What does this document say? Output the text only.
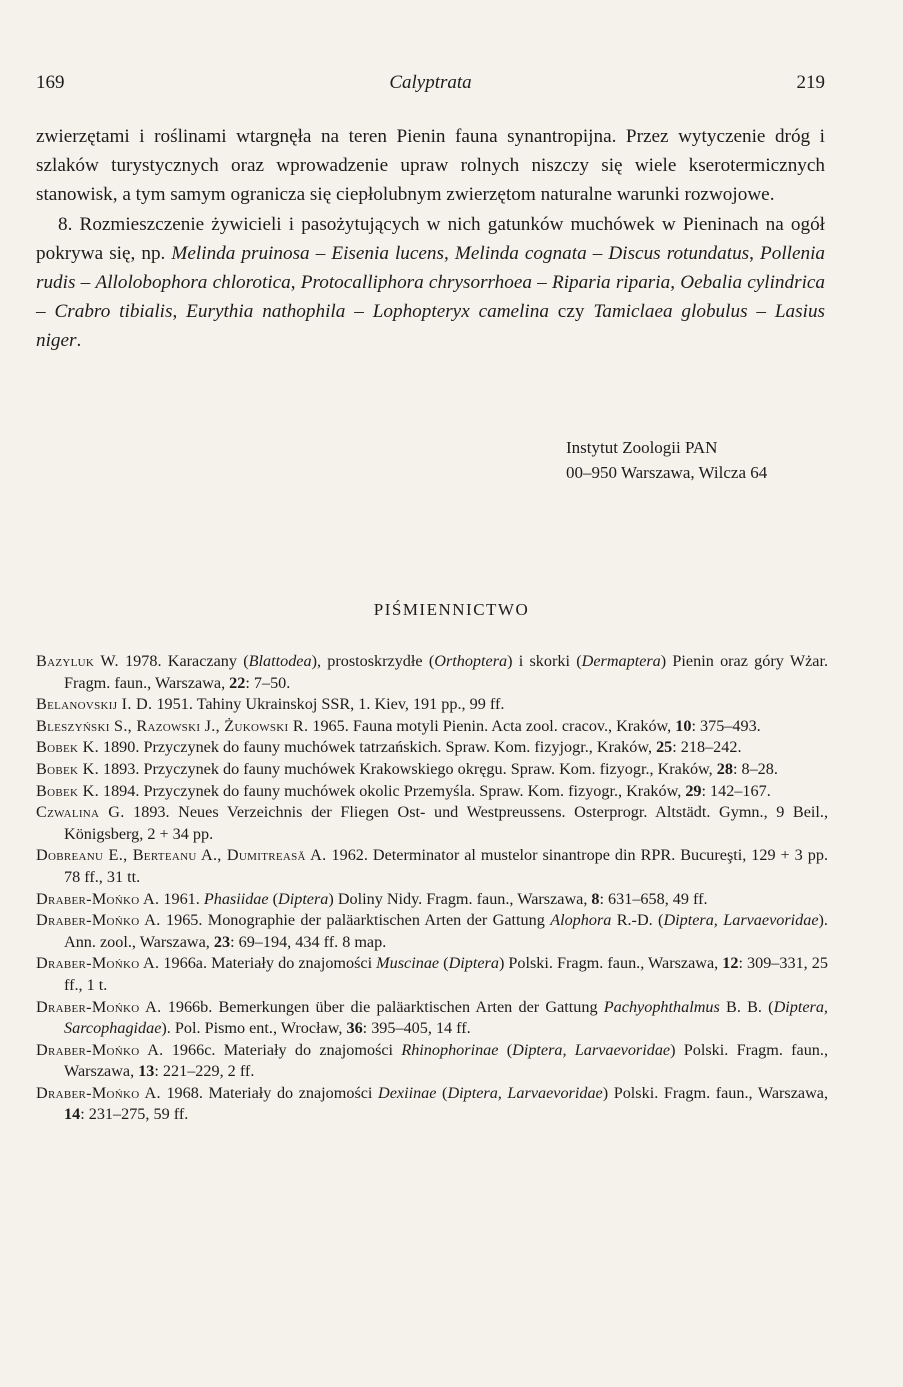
169	Calyptrata	219

zwierzętami i roślinami wtargnęła na teren Pienin fauna synantropijna. Przez wytyczenie dróg i szlaków turystycznych oraz wprowadzenie upraw rolnych niszczy się wiele kserotermicznych stanowisk, a tym samym ogranicza się ciepłolubnym zwierzętom naturalne warunki rozwojowe.

8. Rozmieszczenie żywicieli i pasożytujących w nich gatunków muchówek w Pieninach na ogół pokrywa się, np. Melinda pruinosa – Eisenia lucens, Melinda cognata – Discus rotundatus, Pollenia rudis – Allolobophora chlorotica, Protocalliphora chrysorrhoea – Riparia riparia, Oebalia cylindrica – Crabro tibialis, Eurythia nathophila – Lophopteryx camelina czy Tamiclaea globulus – Lasius niger.

Instytut Zoologii PAN
00–950 Warszawa, Wilcza 64
PIŚMIENNICTWO

Bazyluk W. 1978. Karaczany (Blattodea), prostoskrzydłe (Orthoptera) i skorki (Dermaptera) Pienin oraz góry Wżar. Fragm. faun., Warszawa, 22: 7–50.

Belanovskij I. D. 1951. Tahiny Ukrainskoj SSR, 1. Kiev, 191 pp., 99 ff.

Bleszyński S., Razowski J., Żukowski R. 1965. Fauna motyli Pienin. Acta zool. cracov., Kraków, 10: 375–493.

Bobek K. 1890. Przyczynek do fauny muchówek tatrzańskich. Spraw. Kom. fizyjogr., Kraków, 25: 218–242.

Bobek K. 1893. Przyczynek do fauny muchówek Krakowskiego okręgu. Spraw. Kom. fizyogr., Kraków, 28: 8–28.

Bobek K. 1894. Przyczynek do fauny muchówek okolic Przemyśla. Spraw. Kom. fizyogr., Kraków, 29: 142–167.

Czwalina G. 1893. Neues Verzeichnis der Fliegen Ost- und Westpreussens. Osterprogr. Altstädt. Gymn., 9 Beil., Königsberg, 2 + 34 pp.

Dobreanu E., Berteanu A., Dumitreasă A. 1962. Determinator al mustelor sinantrope din RPR. Bucureşti, 129 + 3 pp. 78 ff., 31 tt.

Draber-Mońko A. 1961. Phasiidae (Diptera) Doliny Nidy. Fragm. faun., Warszawa, 8: 631–658, 49 ff.

Draber-Mońko A. 1965. Monographie der paläarktischen Arten der Gattung Alophora R.-D. (Diptera, Larvaevoridae). Ann. zool., Warszawa, 23: 69–194, 434 ff. 8 map.

Draber-Mońko A. 1966a. Materiały do znajomości Muscinae (Diptera) Polski. Fragm. faun., Warszawa, 12: 309–331, 25 ff., 1 t.

Draber-Mońko A. 1966b. Bemerkungen über die paläarktischen Arten der Gattung Pachyophthalmus B. B. (Diptera, Sarcophagidae). Pol. Pismo ent., Wrocław, 36: 395–405, 14 ff.

Draber-Mońko A. 1966c. Materiały do znajomości Rhinophorinae (Diptera, Larvaevoridae) Polski. Fragm. faun., Warszawa, 13: 221–229, 2 ff.

Draber-Mońko A. 1968. Materiały do znajomości Dexiinae (Diptera, Larvaevoridae) Polski. Fragm. faun., Warszawa, 14: 231–275, 59 ff.
